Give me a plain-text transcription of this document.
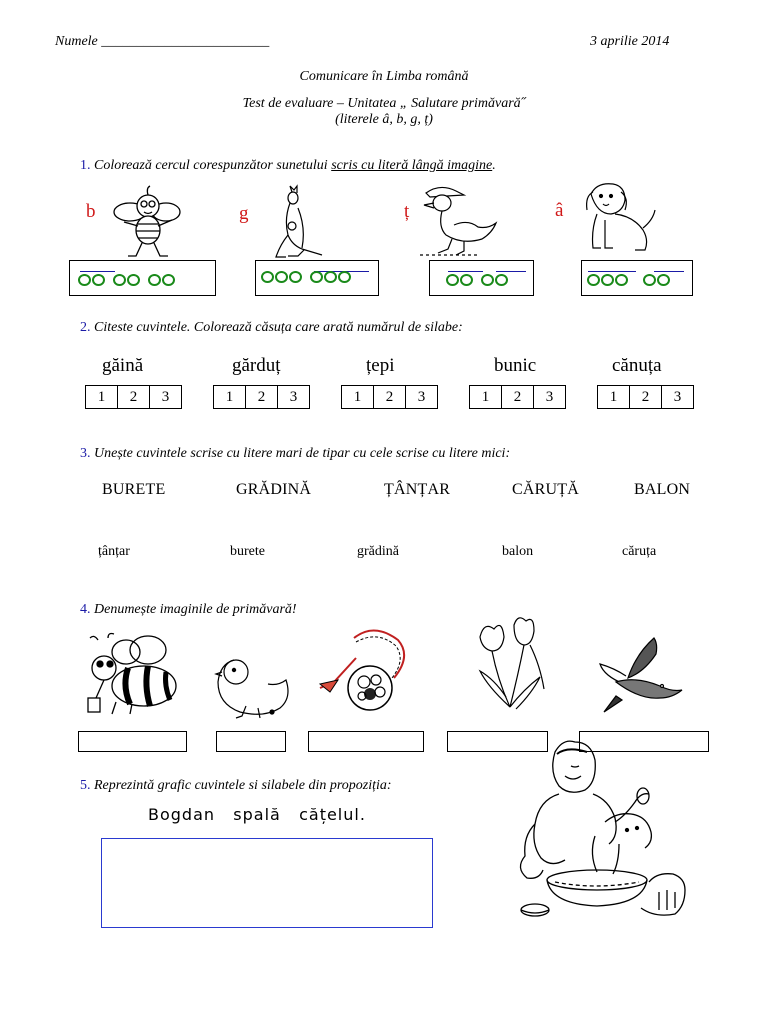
Numele ________________________	3 aprilie 2014
Comunicare în Limba română
Test de evaluare – Unitatea „ Salutare primăvară˝
(literele â, b, g, ț)
1. Colorează cercul corespunzător sunetului scris cu literă lângă imagine.
b	g	ț	â
2. Citeste cuvintele. Colorează căsuța care arată numărul de silabe:
găină	gărduț	țepi	bunic	cănuța
1	2	3	1	2	3	1	2	3	1	2	3	1	2	3
3. Unește cuvintele scrise cu litere mari de tipar cu cele scrise cu litere mici:
BURETE	GRĂDINĂ	ȚÂNȚAR	CĂRUȚĂ	BALON
țânțar	burete	grădină	balon	căruța
4. Denumește imaginile de primăvară!
5. Reprezintă grafic cuvintele si silabele din propoziția:
Bogdan   spală   cățelul.
